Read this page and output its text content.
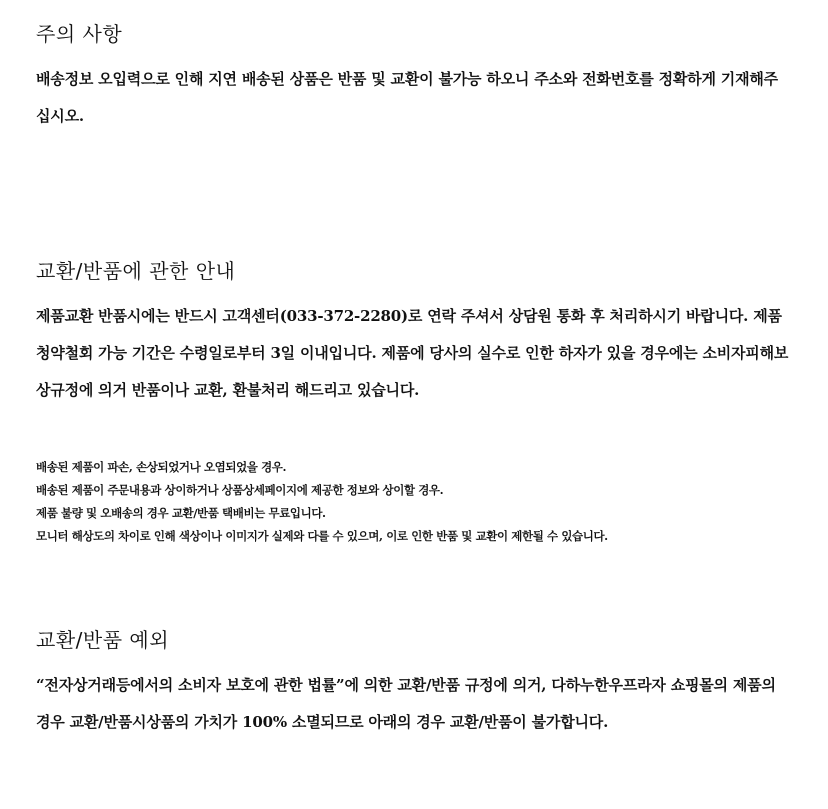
주의 사항

배송정보 오입력으로 인해 지연 배송된 상품은 반품 및 교환이 불가능 하오니 주소와 전화번호를 정확하게 기재해주십시오.

교환/반품에 관한 안내

제품교환 반품시에는 반드시 고객센터(033-372-2280)로 연락 주셔서 상담원 통화 후 처리하시기 바랍니다. 제품청약철회 가능 기간은 수령일로부터 3일 이내입니다. 제품에 당사의 실수로 인한 하자가 있을 경우에는 소비자피해보상규정에 의거 반품이나 교환, 환불처리 해드리고 있습니다.

배송된 제품이 파손, 손상되었거나 오염되었을 경우.
배송된 제품이 주문내용과 상이하거나 상품상세페이지에 제공한 정보와 상이할 경우.
제품 불량 및 오배송의 경우 교환/반품 택배비는 무료입니다.
모니터 해상도의 차이로 인해 색상이나 이미지가 실제와 다를 수 있으며, 이로 인한 반품 및 교환이 제한될 수 있습니다.
교환/반품 예외

“전자상거래등에서의 소비자 보호에 관한 법률”에 의한 교환/반품 규정에 의거, 다하누한우프라자 쇼핑몰의 제품의 경우 교환/반품시상품의 가치가 100% 소멸되므로 아래의 경우 교환/반품이 불가합니다.
